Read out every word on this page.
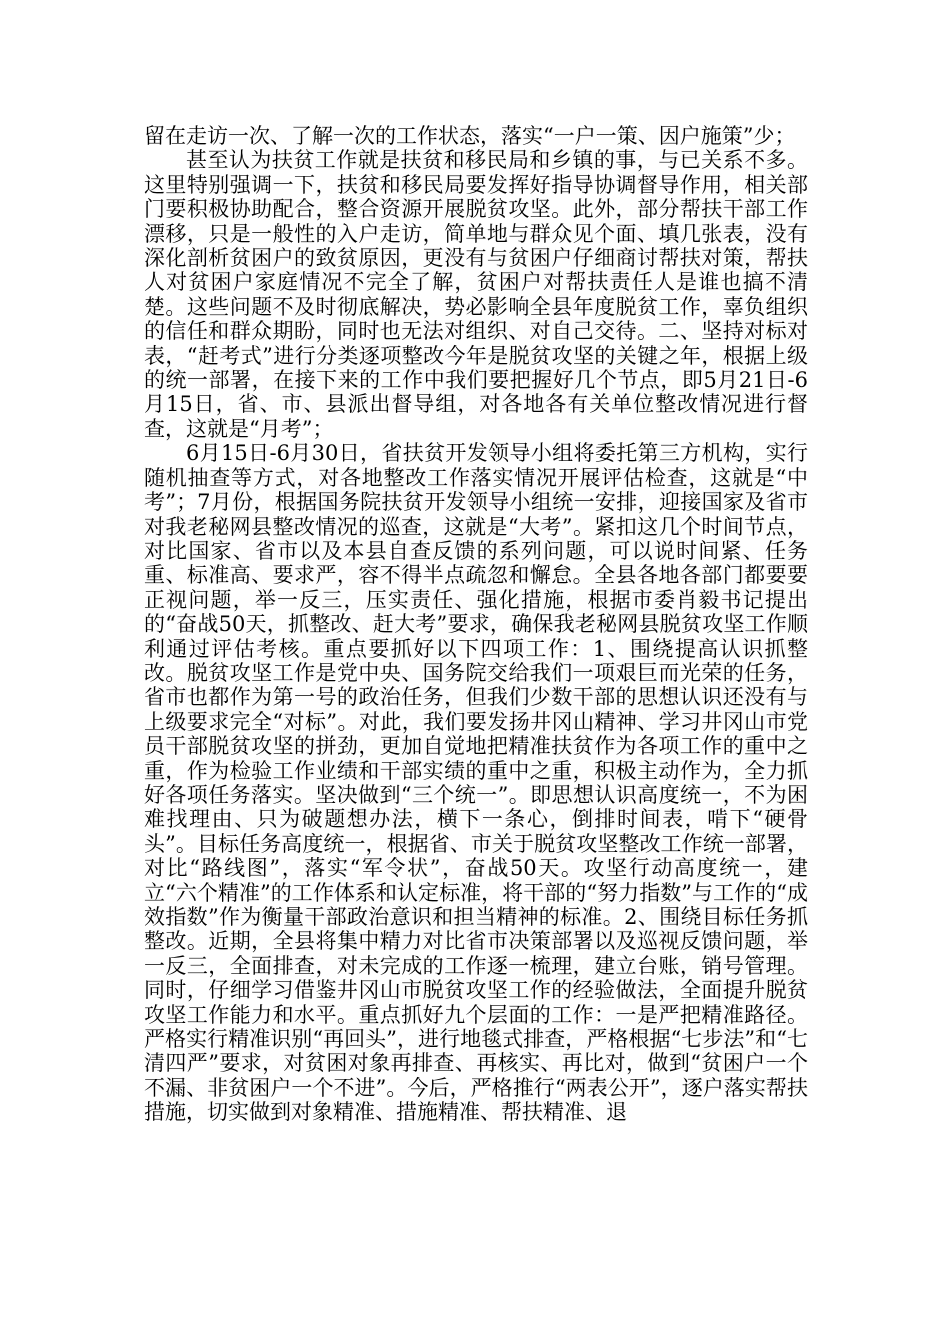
留在走访一次、了解一次的工作状态，落实“一户一策、因户施策”少；

甚至认为扶贫工作就是扶贫和移民局和乡镇的事，与已关系不多。这里特别强调一下，扶贫和移民局要发挥好指导协调督导作用，相关部门要积极协助配合，整合资源开展脱贫攻坚。此外，部分帮扶干部工作漂移，只是一般性的入户走访，简单地与群众见个面、填几张表，没有深化剖析贫困户的致贫原因，更没有与贫困户仔细商讨帮扶对策，帮扶人对贫困户家庭情况不完全了解，贫困户对帮扶责任人是谁也搞不清楚。这些问题不及时彻底解决，势必影响全县年度脱贫工作，辜负组织的信任和群众期盼，同时也无法对组织、对自己交待。二、坚持对标对表，“赶考式”进行分类逐项整改今年是脱贫攻坚的关键之年，根据上级的统一部署，在接下来的工作中我们要把握好几个节点，即5月21日-6月15日，省、市、县派出督导组，对各地各有关单位整改情况进行督查，这就是“月考”；

6月15日-6月30日，省扶贫开发领导小组将委托第三方机构，实行随机抽查等方式，对各地整改工作落实情况开展评估检查，这就是“中考”；7月份，根据国务院扶贫开发领导小组统一安排，迎接国家及省市对我老秘网县整改情况的巡查，这就是“大考”。紧扣这几个时间节点，对比国家、省市以及本县自查反馈的系列问题，可以说时间紧、任务重、标准高、要求严，容不得半点疏忽和懈怠。全县各地各部门都要要正视问题，举一反三，压实责任、强化措施，根据市委肖毅书记提出的“奋战50天，抓整改、赶大考”要求，确保我老秘网县脱贫攻坚工作顺利通过评估考核。重点要抓好以下四项工作：1、围绕提高认识抓整改。脱贫攻坚工作是党中央、国务院交给我们一项艰巨而光荣的任务，省市也都作为第一号的政治任务，但我们少数干部的思想认识还没有与上级要求完全“对标”。对此，我们要发扬井冈山精神、学习井冈山市党员干部脱贫攻坚的拼劲，更加自觉地把精准扶贫作为各项工作的重中之重，作为检验工作业绩和干部实绩的重中之重，积极主动作为，全力抓好各项任务落实。坚决做到“三个统一”。即思想认识高度统一，不为困难找理由、只为破题想办法，横下一条心，倒排时间表，啃下“硬骨头”。目标任务高度统一，根据省、市关于脱贫攻坚整改工作统一部署，对比“路线图”，落实“军令状”，奋战50天。攻坚行动高度统一，建立“六个精准”的工作体系和认定标准，将干部的“努力指数”与工作的“成效指数”作为衡量干部政治意识和担当精神的标准。2、围绕目标任务抓整改。近期，全县将集中精力对比省市决策部署以及巡视反馈问题，举一反三，全面排查，对未完成的工作逐一梳理，建立台账，销号管理。同时，仔细学习借鉴井冈山市脱贫攻坚工作的经验做法，全面提升脱贫攻坚工作能力和水平。重点抓好九个层面的工作：一是严把精准路径。严格实行精准识别“再回头”，进行地毯式排查，严格根据“七步法”和“七清四严”要求，对贫困对象再排查、再核实、再比对，做到“贫困户一个不漏、非贫困户一个不进”。今后，严格推行“两表公开”，逐户落实帮扶措施，切实做到对象精准、措施精准、帮扶精准、退
